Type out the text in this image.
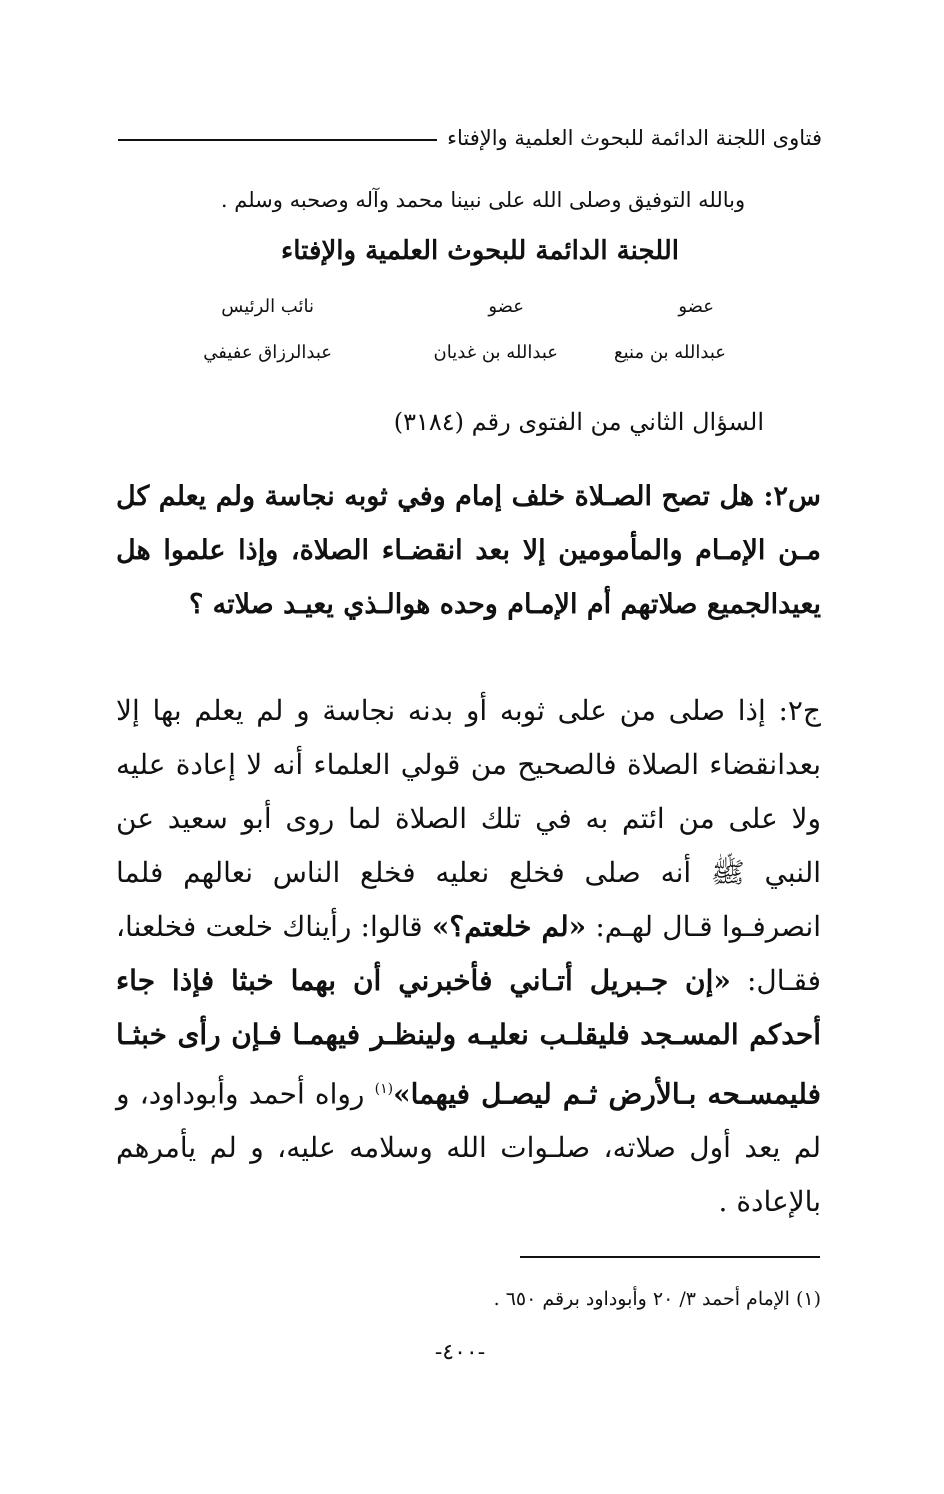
فتاوى اللجنة الدائمة للبحوث العلمية والإفتاء
وبالله التوفيق وصلى الله على نبينا محمد وآله وصحبه وسلم .
اللجنة الدائمة للبحوث العلمية والإفتاء
عضو
عبدالله بن منيع
عضو
عبدالله بن غديان
نائب الرئيس
عبدالرزاق عفيفي
السؤال الثاني من الفتوى رقم (٣١٨٤)
س٢: هل تصح الصـلاة خلف إمام وفي ثوبه نجاسة ولم يعلم كل مـن الإمـام والمأمومين إلا بعد انقضـاء الصلاة، وإذا علموا هل يعيدالجميع صلاتهم أم الإمـام وحده هوالـذي يعيـد صلاته ؟
ج٢: إذا صلى من على ثوبه أو بدنه نجاسة و لم يعلم بها إلا بعدانقضاء الصلاة فالصحيح من قولي العلماء أنه لا إعادة عليه ولا على من ائتم به في تلك الصلاة لما روى أبو سعيد عن النبي ﷺ أنه صلى فخلع نعليه فخلع الناس نعالهم فلما انصرفـوا قـال لهـم: «لم خلعتم؟» قالوا: رأيناك خلعت فخلعنا، فقـال: «إن جـبريل أتـاني فأخبرني أن بهما خبثا فإذا جاء أحدكم المسـجد فليقلـب نعليـه ولينظـر فيهمـا فـإن رأى خبثـا فليمسـحه بـالأرض ثـم ليصـل فيهما»$^{(١)}$ رواه أحمد وأبوداود، و لم يعد أول صلاته، صلـوات الله وسلامه عليه، و لم يأمرهم بالإعادة .
(١) الإمام أحمد ٣/ ٢٠ وأبوداود برقم ٦٥٠ .
-٤٠٠-
